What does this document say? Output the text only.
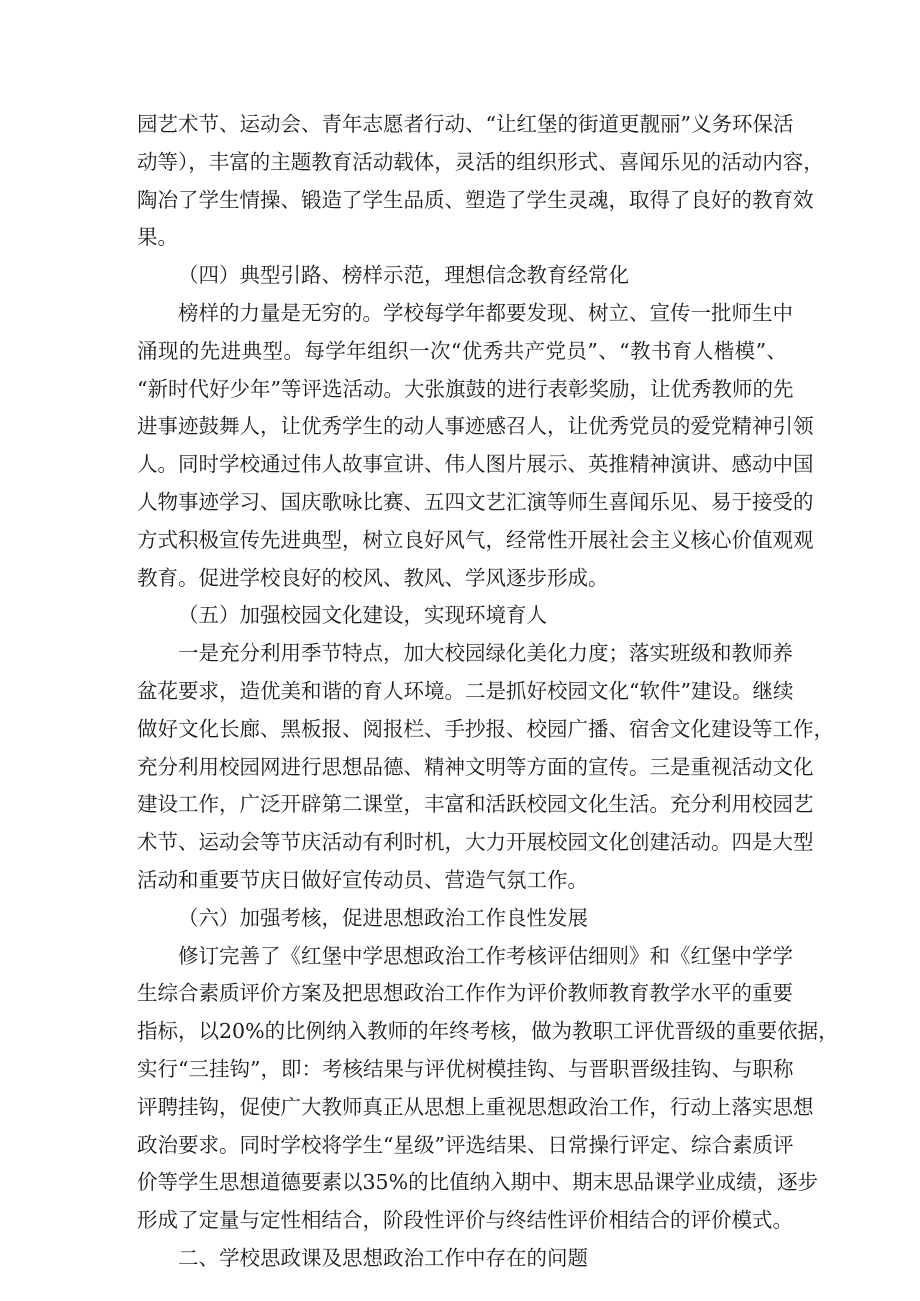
园艺术节、运动会、青年志愿者行动、“让红堡的街道更靓丽”义务环保活
动等），丰富的主题教育活动载体，灵活的组织形式、喜闻乐见的活动内容，
陶冶了学生情操、锻造了学生品质、塑造了学生灵魂，取得了良好的教育效
果。
（四）典型引路、榜样示范，理想信念教育经常化
榜样的力量是无穷的。学校每学年都要发现、树立、宣传一批师生中
涌现的先进典型。每学年组织一次“优秀共产党员”、“教书育人楷模”、
“新时代好少年”等评选活动。大张旗鼓的进行表彰奖励，让优秀教师的先
进事迹鼓舞人，让优秀学生的动人事迹感召人，让优秀党员的爱党精神引领
人。同时学校通过伟人故事宣讲、伟人图片展示、英推精神演讲、感动中国
人物事迹学习、国庆歌咏比赛、五四文艺汇演等师生喜闻乐见、易于接受的
方式积极宣传先进典型，树立良好风气，经常性开展社会主义核心价值观观
教育。促进学校良好的校风、教风、学风逐步形成。
（五）加强校园文化建设，实现环境育人
一是充分利用季节特点，加大校园绿化美化力度；落实班级和教师养
盆花要求，造优美和谐的育人环境。二是抓好校园文化“软件”建设。继续
做好文化长廊、黑板报、阅报栏、手抄报、校园广播、宿舍文化建设等工作，
充分利用校园网进行思想品德、精神文明等方面的宣传。三是重视活动文化
建设工作，广泛开辟第二课堂，丰富和活跃校园文化生活。充分利用校园艺
术节、运动会等节庆活动有利时机，大力开展校园文化创建活动。四是大型
活动和重要节庆日做好宣传动员、营造气氛工作。
（六）加强考核，促进思想政治工作良性发展
修订完善了《红堡中学思想政治工作考核评估细则》和《红堡中学学
生综合素质评价方案及把思想政治工作作为评价教师教育教学水平的重要
指标，以20%的比例纳入教师的年终考核，做为教职工评优晋级的重要依据，
实行“三挂钩”，即：考核结果与评优树模挂钩、与晋职晋级挂钩、与职称
评聘挂钩，促使广大教师真正从思想上重视思想政治工作，行动上落实思想
政治要求。同时学校将学生“星级”评选结果、日常操行评定、综合素质评
价等学生思想道德要素以35%的比值纳入期中、期末思品课学业成绩，逐步
形成了定量与定性相结合，阶段性评价与终结性评价相结合的评价模式。
二、学校思政课及思想政治工作中存在的问题
